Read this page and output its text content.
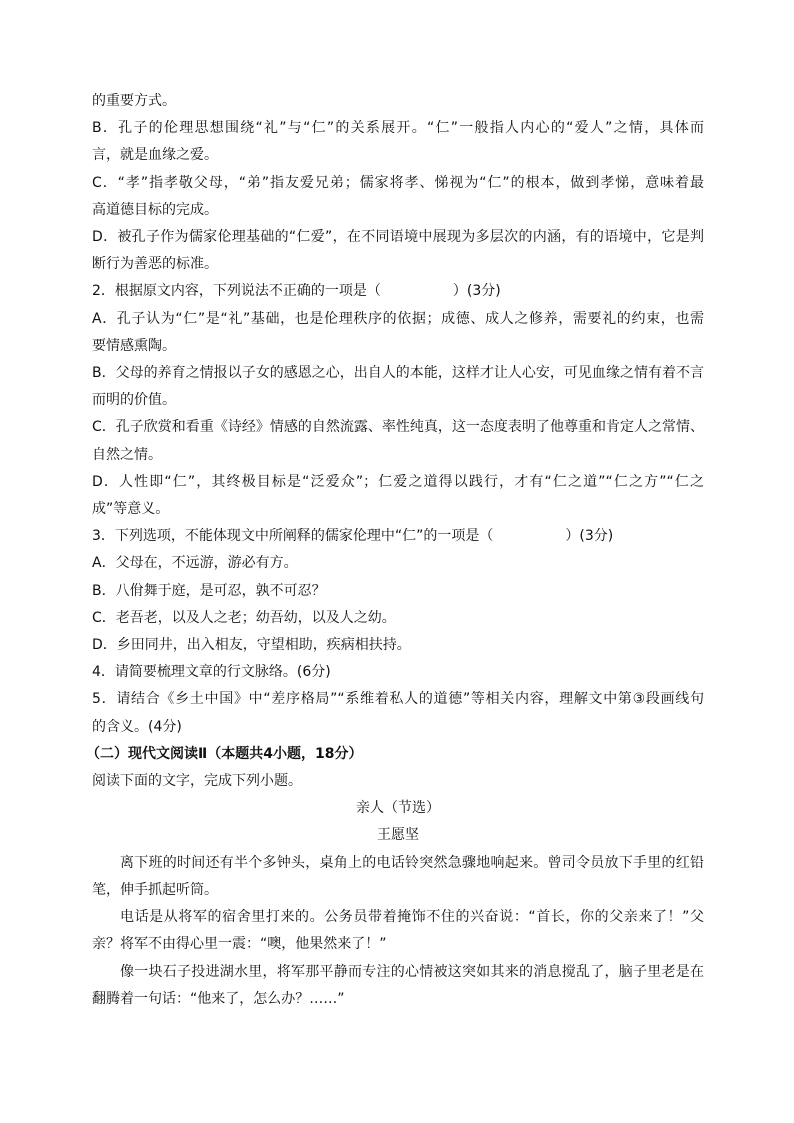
的重要方式。
B．孔子的伦理思想围绕“礼”与“仁”的关系展开。“仁”一般指人内心的“爱人”之情，具体而
言，就是血缘之爱。
C．“孝”指孝敬父母，“弟”指友爱兄弟；儒家将孝、悌视为“仁”的根本，做到孝悌，意味着最
高道德目标的完成。
D．被孔子作为儒家伦理基础的“仁爱”，在不同语境中展现为多层次的内涵，有的语境中，它是判
断行为善恶的标准。
2．根据原文内容，下列说法不正确的一项是（	）(3分)
A．孔子认为“仁”是“礼”基础，也是伦理秩序的依据；成德、成人之修养，需要礼的约束，也需
要情感熏陶。
B．父母的养育之情报以子女的感恩之心，出自人的本能，这样才让人心安，可见血缘之情有着不言
而明的价值。
C．孔子欣赏和看重《诗经》情感的自然流露、率性纯真，这一态度表明了他尊重和肯定人之常情、
自然之情。
D．人性即“仁”，其终极目标是“泛爱众”；仁爱之道得以践行，才有“仁之道”“仁之方”“仁之
成”等意义。
3．下列选项，不能体现文中所阐释的儒家伦理中“仁”的一项是（	）(3分)
A．父母在，不远游，游必有方。
B．八佾舞于庭，是可忍，孰不可忍？
C．老吾老，以及人之老；幼吾幼，以及人之幼。
D．乡田同井，出入相友，守望相助，疾病相扶持。
4．请简要梳理文章的行文脉络。(6分)
5．请结合《乡土中国》中“差序格局”“系维着私人的道德”等相关内容，理解文中第③段画线句
的含义。(4分)
（二）现代文阅读Ⅱ（本题共4小题，18分）
阅读下面的文字，完成下列小题。
亲人（节选）
王愿坚
离下班的时间还有半个多钟头，桌角上的电话铃突然急骤地响起来。曾司令员放下手里的红铅
笔，伸手抓起听筒。
电话是从将军的宿舍里打来的。公务员带着掩饰不住的兴奋说：“首长，你的父亲来了！”父
亲？将军不由得心里一震：“噢，他果然来了！”
像一块石子投进湖水里，将军那平静而专注的心情被这突如其来的消息搅乱了，脑子里老是在
翻腾着一句话：“他来了，怎么办？……”
